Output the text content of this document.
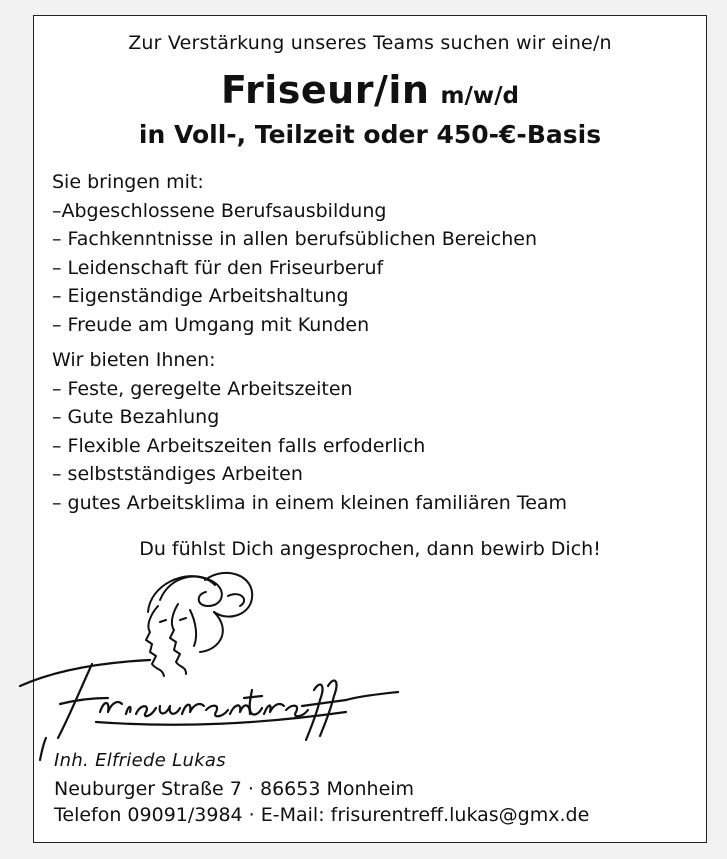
Zur Verstärkung unseres Teams suchen wir eine/n
Friseur/in m/w/d
in Voll-, Teilzeit oder 450-€-Basis
Sie bringen mit:
–Abgeschlossene Berufsausbildung
– Fachkenntnisse in allen berufsüblichen Bereichen
– Leidenschaft für den Friseurberuf
– Eigenständige Arbeitshaltung
– Freude am Umgang mit Kunden
Wir bieten Ihnen:
– Feste, geregelte Arbeitszeiten
– Gute Bezahlung
– Flexible Arbeitszeiten falls erfoderlich
– selbstständiges Arbeiten
– gutes Arbeitsklima in einem kleinen familiären Team
Du fühlst Dich angesprochen, dann bewirb Dich!
Inh. Elfriede Lukas
Neuburger Straße 7 · 86653 Monheim
Telefon 09091/3984 · E-Mail: frisurentreff.lukas@gmx.de
